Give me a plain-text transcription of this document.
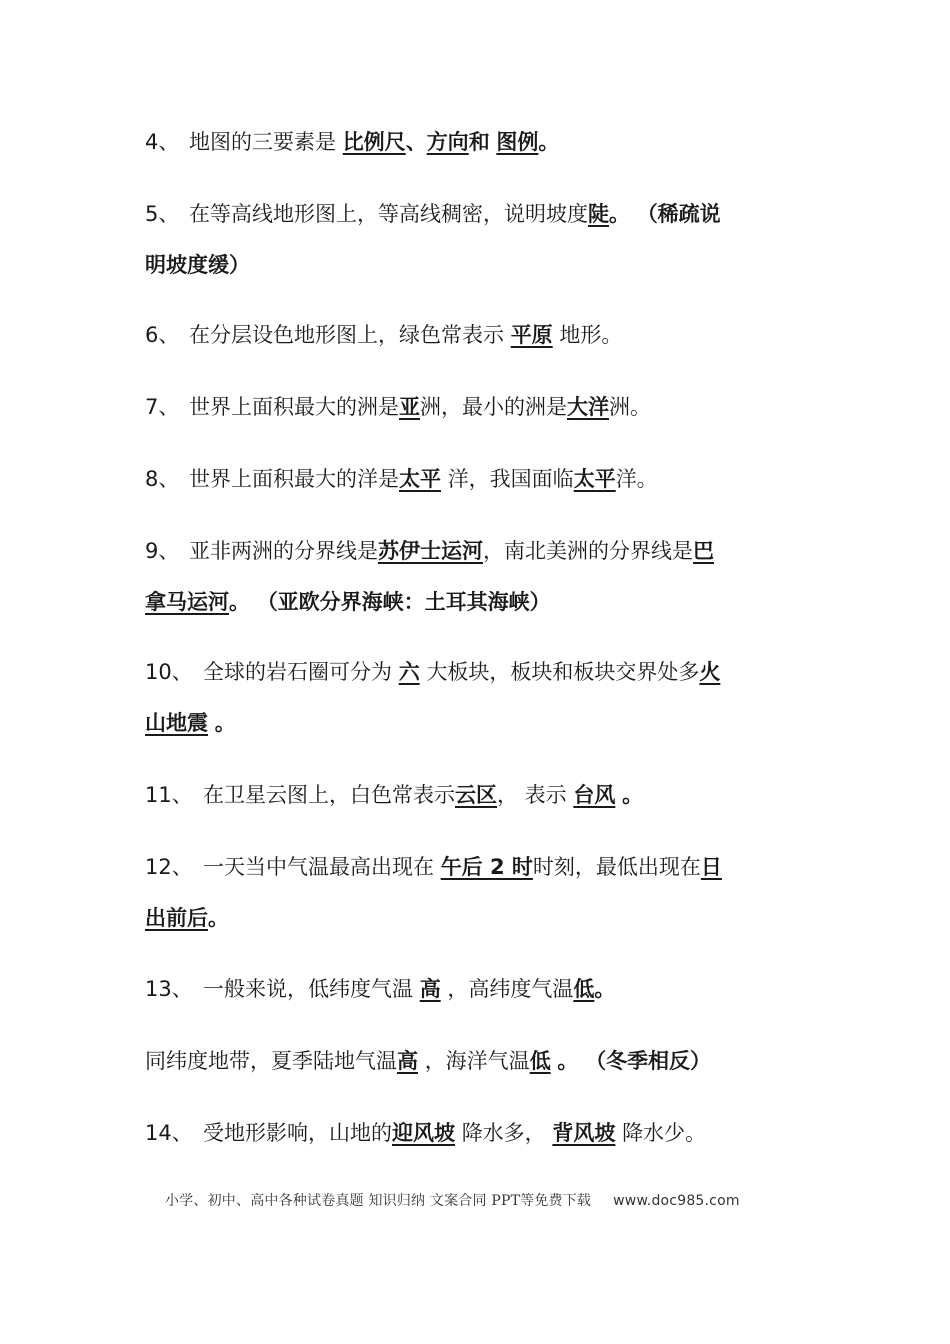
4、 地图的三要素是 比例尺、方向和 图例。
5、 在等高线地形图上，等高线稠密，说明坡度陡。 （稀疏说
明坡度缓）
6、 在分层设色地形图上，绿色常表示 平原 地形。
7、 世界上面积最大的洲是亚洲，最小的洲是大洋洲。
8、 世界上面积最大的洋是太平 洋，我国面临太平洋。
9、 亚非两洲的分界线是苏伊士运河，南北美洲的分界线是巴
拿马运河。 （亚欧分界海峡：土耳其海峡）
10、 全球的岩石圈可分为 六 大板块，板块和板块交界处多火
山地震 。
11、 在卫星云图上，白色常表示云区， 表示 台风 。
12、 一天当中气温最高出现在 午后 2 时时刻，最低出现在日
出前后。
13、 一般来说，低纬度气温 高 ，高纬度气温低。
同纬度地带，夏季陆地气温高 ，海洋气温低 。 （冬季相反）
14、 受地形影响，山地的迎风坡 降水多， 背风坡 降水少。
小学、初中、高中各种试卷真题 知识归纳 文案合同 PPT等免费下载 www.doc985.com
